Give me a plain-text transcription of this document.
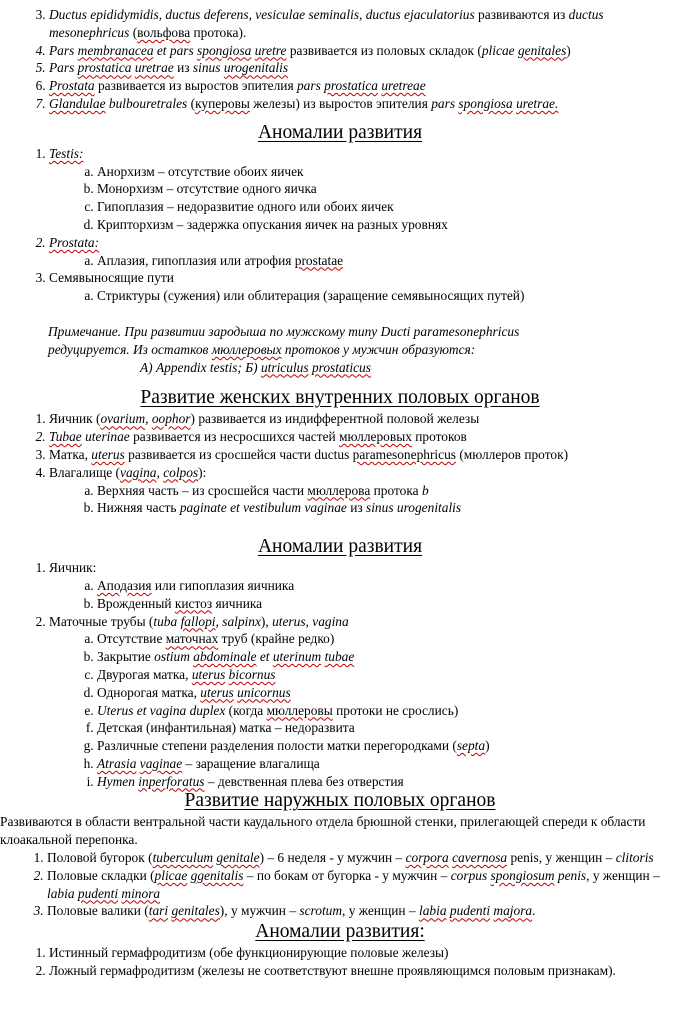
3. Ductus epididymidis, ductus deferens, vesiculae seminalis, ductus ejaculatorius развиваются из ductus mesonephricus (вольфова протока).
4. Pars membranacea et pars spongiosa uretre развивается из половых складок (plicae genitales)
5. Pars prostatica uretrae из sinus urogenitalis
6. Prostata развивается из выростов эпителия pars prostatica uretreae
7. Glandulae bulbouretrales (куперовы железы) из выростов эпителия pars spongiosa uretrae.
Аномалии развития
1. Testis:
a. Анорхизм – отсутствие обоих яичек
b. Монорхизм – отсутствие одного яичка
c. Гипоплазия – недоразвитие одного или обоих яичек
d. Крипторхизм – задержка опускания яичек на разных уровнях
2. Prostata:
a. Аплазия, гипоплазия или атрофия prostatae
3. Семявыносящие пути
a. Стриктуры (сужения) или облитерация (заращение семявыносящих путей)
Примечание. При развитии зародыша по мужскому типу Ducti paramesonephricus
редуцируется. Из остатков мюллеровых протоков у мужчин образуются:
А) Appendix testis; Б) utriculus prostaticus
Развитие женских внутренних половых органов
1. Яичник (ovarium, oophor) развивается из индифферентной половой железы
2. Tubae uterinae развивается из несросшихся частей мюллеровых протоков
3. Матка, uterus развивается из сросшейся части ductus paramesonephricus (мюллеров проток)
4. Влагалище (vagina, colpos):
a. Верхняя часть – из сросшейся части мюллерова протока b
b. Нижняя часть paginate et vestibulum vaginae из sinus urogenitalis
Аномалии развития
1. Яичник:
a. Аподазия или гипоплазия яичника
b. Врожденный кистоз яичника
2. Маточные трубы (tuba fallopi, salpinx), uterus, vagina
a. Отсутствие маточнах труб (крайне редко)
b. Закрытие ostium abdominale et uterinum tubae
c. Двурогая матка, uterus bicornus
d. Однорогая матка, uterus unicornus
e. Uterus et vagina duplex (когда мюллеровы протоки не срослись)
f. Детская (инфантильная) матка – недоразвита
g. Различные степени разделения полости матки перегородками (septa)
h. Atrasia vaginae – заращение влагалища
i. Hymen inperforatus – девственная плева без отверстия
Развитие наружных половых органов
Развиваются в области вентральной части каудального отдела брюшной стенки, прилегающей спереди к области клоакальной перепонка.
1. Половой бугорок (tuberculum genitale) – 6 неделя - у мужчин – corpora cavernosa penis, у женщин – clitoris
2. Половые складки (plicae ggenitalis – по бокам от бугорка - у мужчин – corpus spongiosum penis, у женщин – labia pudenti minora
3. Половые валики (tari genitales), у мужчин – scrotum, у женщин – labia pudenti majora.
Аномалии развития:
1. Истинный гермафродитизм (обе функционирующие половые железы)
2. Ложный гермафродитизм (железы не соответствуют внешне проявляющимся половым признакам).
